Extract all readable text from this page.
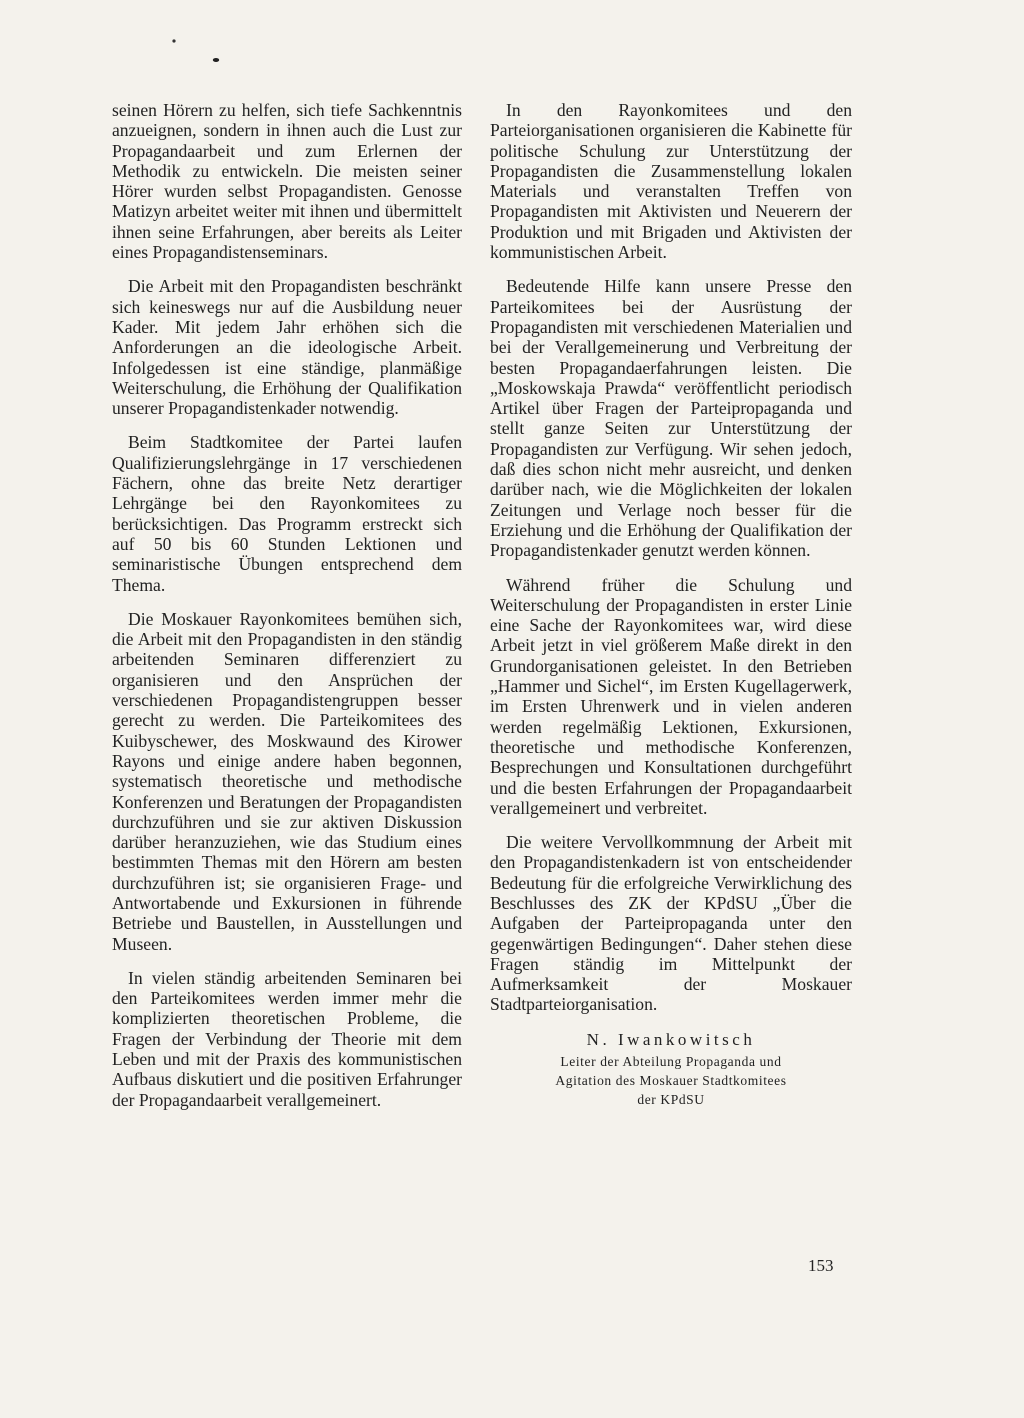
seinen Hörern zu helfen, sich tiefe Sachkenntnis anzueignen, sondern in ihnen auch die Lust zur Propagandaarbeit und zum Erlernen der Methodik zu entwickeln. Die meisten seiner Hörer wurden selbst Propagandisten. Genosse Matizyn arbeitet weiter mit ihnen und übermittelt ihnen seine Erfahrungen, aber bereits als Leiter eines Propagandistenseminars.

Die Arbeit mit den Propagandisten beschränkt sich keineswegs nur auf die Ausbildung neuer Kader. Mit jedem Jahr erhöhen sich die Anforderungen an die ideologische Arbeit. Infolgedessen ist eine ständige, planmäßige Weiterschulung, die Erhöhung der Qualifikation unserer Propagandistenkader notwendig.

Beim Stadtkomitee der Partei laufen Qualifizierungslehrgänge in 17 verschiedenen Fächern, ohne das breite Netz derartiger Lehrgänge bei den Rayonkomitees zu berücksichtigen. Das Programm erstreckt sich auf 50 bis 60 Stunden Lektionen und seminaristische Übungen entsprechend dem Thema.

Die Moskauer Rayonkomitees bemühen sich, die Arbeit mit den Propagandisten in den ständig arbeitenden Seminaren differenziert zu organisieren und den Ansprüchen der verschiedenen Propagandistengruppen besser gerecht zu werden. Die Parteikomitees des Kuibyschewer, des Moskwaund des Kirower Rayons und einige andere haben begonnen, systematisch theoretische und methodische Konferenzen und Beratungen der Propagandisten durchzuführen und sie zur aktiven Diskussion darüber heranzuziehen, wie das Studium eines bestimmten Themas mit den Hörern am besten durchzuführen ist; sie organisieren Frage- und Antwortabende und Exkursionen in führende Betriebe und Baustellen, in Ausstellungen und Museen.

In vielen ständig arbeitenden Seminaren bei den Parteikomitees werden immer mehr die komplizierten theoretischen Probleme, die Fragen der Verbindung der Theorie mit dem Leben und mit der Praxis des kommunistischen Aufbaus diskutiert und die positiven Erfahrunger der Propagandaarbeit verallgemeinert.

In den Rayonkomitees und den Parteiorganisationen organisieren die Kabinette für politische Schulung zur Unterstützung der Propagandisten die Zusammenstellung lokalen Materials und veranstalten Treffen von Propagandisten mit Aktivisten und Neuerern der Produktion und mit Brigaden und Aktivisten der kommunistischen Arbeit.

Bedeutende Hilfe kann unsere Presse den Parteikomitees bei der Ausrüstung der Propagandisten mit verschiedenen Materialien und bei der Verallgemeinerung und Verbreitung der besten Propagandaerfahrungen leisten. Die „Moskowskaja Prawda“ veröffentlicht periodisch Artikel über Fragen der Parteipropaganda und stellt ganze Seiten zur Unterstützung der Propagandisten zur Verfügung. Wir sehen jedoch, daß dies schon nicht mehr ausreicht, und denken darüber nach, wie die Möglichkeiten der lokalen Zeitungen und Verlage noch besser für die Erziehung und die Erhöhung der Qualifikation der Propagandistenkader genutzt werden können.

Während früher die Schulung und Weiterschulung der Propagandisten in erster Linie eine Sache der Rayonkomitees war, wird diese Arbeit jetzt in viel größerem Maße direkt in den Grundorganisationen geleistet. In den Betrieben „Hammer und Sichel“, im Ersten Kugellagerwerk, im Ersten Uhrenwerk und in vielen anderen werden regelmäßig Lektionen, Exkursionen, theoretische und methodische Konferenzen, Besprechungen und Konsultationen durchgeführt und die besten Erfahrungen der Propagandaarbeit verallgemeinert und verbreitet.

Die weitere Vervollkommnung der Arbeit mit den Propagandistenkadern ist von entscheidender Bedeutung für die erfolgreiche Verwirklichung des Beschlusses des ZK der KPdSU „Über die Aufgaben der Parteipropaganda unter den gegenwärtigen Bedingungen“. Daher stehen diese Fragen ständig im Mittelpunkt der Aufmerksamkeit der Moskauer Stadtparteiorganisation.

N. Iwankowitsch
Leiter der Abteilung Propaganda und
Agitation des Moskauer Stadtkomitees
der KPdSU
153
